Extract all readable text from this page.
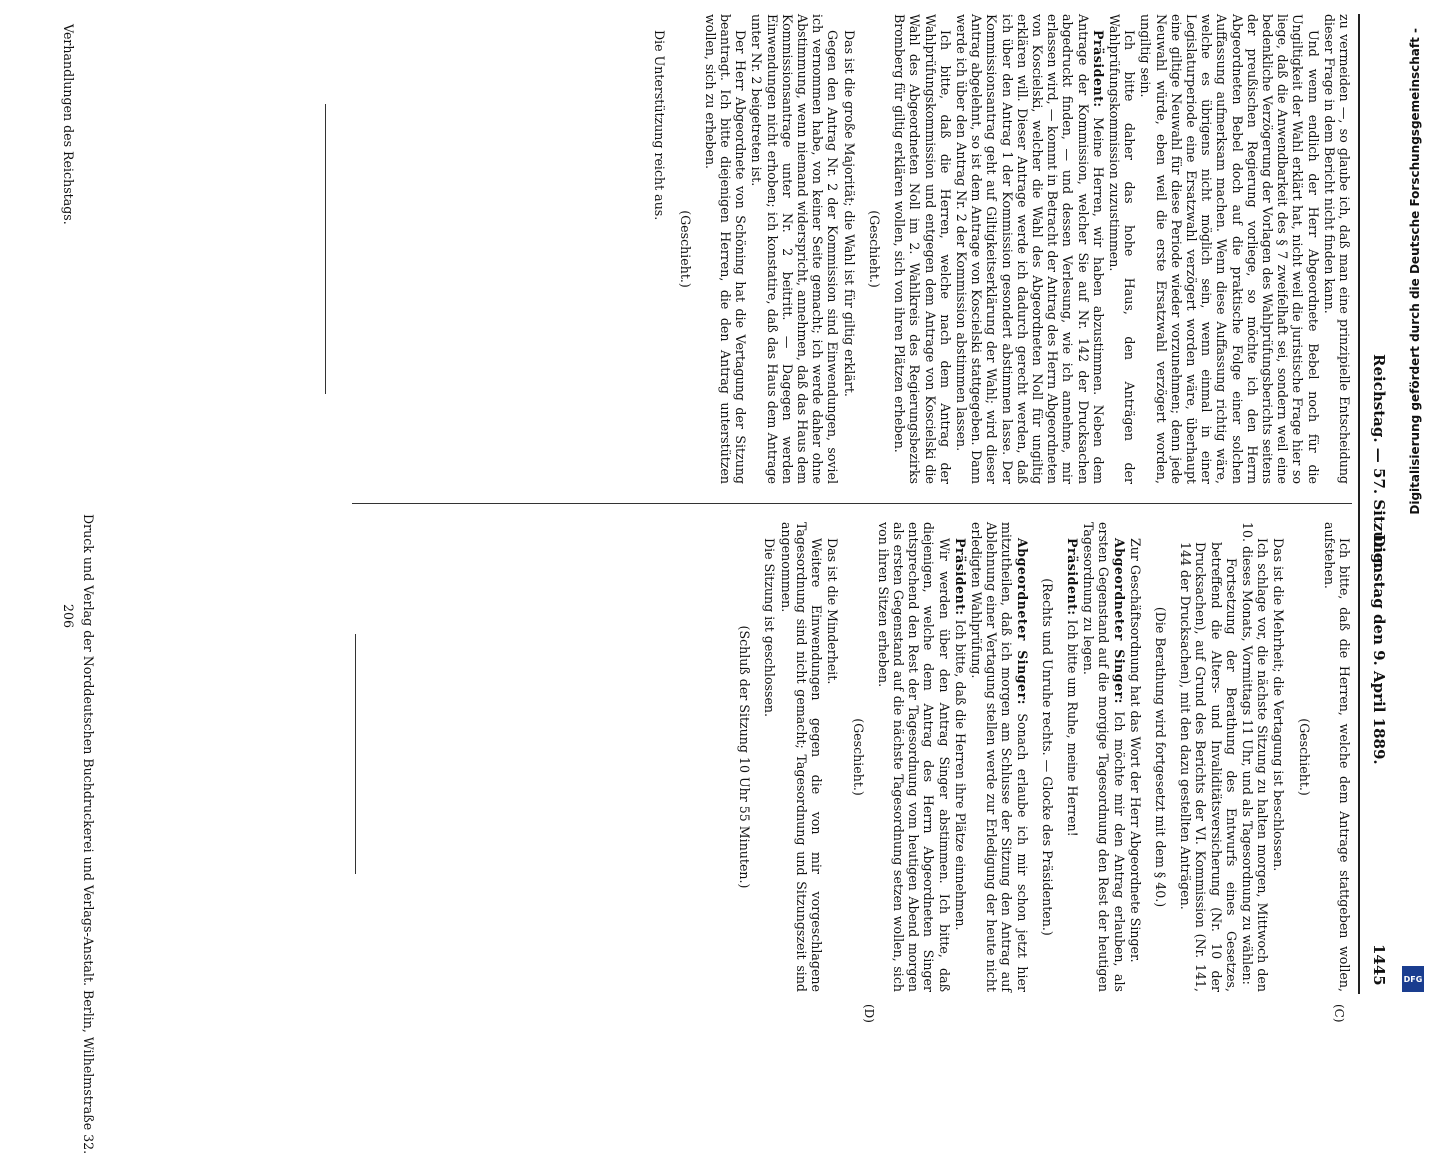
Reichstag. — 57. Sitzung.
Dienstag den 9. April 1889.
1445
(C)
(D)

zu vermeiden —, so glaube ich, daß man eine prinzipielle Entscheidung dieser Frage in dem Bericht nicht finden kann.

Und wenn endlich der Herr Abgeordnete Bebel noch für die Ungiltigkeit der Wahl erklärt hat, nicht weil die juristische Frage hier so liege, daß die Anwendbarkeit des § 7 zweifelhaft sei, sondern weil eine bedenkliche Verzögerung der Vorlagen des Wahlprüfungsberichts seitens der preußischen Regierung vorliege, so möchte ich den Herrn Abgeordneten Bebel doch auf die praktische Folge einer solchen Auffassung aufmerksam machen. Wenn diese Auffassung richtig wäre, welche es übrigens nicht möglich sein, wenn einmal in einer Legislaturperiode eine Ersatzwahl verzögert worden wäre, überhaupt eine giltige Neuwahl für diese Periode wieder vorzunehmen; denn jede Neuwahl würde, eben weil die erste Ersatzwahl verzögert worden, ungiltig sein.

Ich bitte daher das hohe Haus, den Anträgen der Wahlprüfungskommission zuzustimmen.

Präsident: Meine Herren, wir haben abzustimmen. Neben dem Antrage der Kommission, welcher Sie auf Nr. 142 der Drucksachen abgedruckt finden, — und dessen Verlesung, wie ich annehme, mir erlassen wird, — kommt in Betracht der Antrag des Herrn Abgeordneten von Koscielski, welcher die Wahl des Abgeordneten Noll für ungiltig erklären will. Dieser Antrage werde ich dadurch gerecht werden, daß ich über den Antrag 1 der Kommission gesondert abstimmen lasse. Der Kommissionsantrag geht auf Giltigkeitserklärung der Wahl; wird dieser Antrag abgelehnt, so ist dem Antrage von Koscielski stattgegeben. Dann werde ich über den Antrag Nr. 2 der Kommission abstimmen lassen.

Ich bitte, daß die Herren, welche nach dem Antrag der Wahlprüfungskommission und entgegen dem Antrage von Koscielski die Wahl des Abgeordneten Noll im 2. Wahlkreis des Regierungsbezirks Bromberg für giltig erklären wollen, sich von ihren Plätzen erheben.

(Geschieht.)

Das ist die große Majorität; die Wahl ist für giltig erklärt.

Gegen den Antrag Nr. 2 der Kommission sind Einwendungen, soviel ich vernommen habe, von keiner Seite gemacht; ich werde daher ohne Abstimmung, wenn niemand widerspricht, annehmen, daß das Haus dem Kommissionsantrage unter Nr. 2 beitritt. — Dagegen werden Einwendungen nicht erhoben; ich konstatire, daß das Haus dem Antrage unter Nr. 2 beigetreten ist.

Der Herr Abgeordnete von Schöning hat die Vertagung der Sitzung beantragt. Ich bitte diejenigen Herren, die den Antrag unterstützen wollen, sich zu erheben.

(Geschieht.)

Die Unterstützung reicht aus.

Ich bitte, daß die Herren, welche dem Antrage stattgeben wollen, aufstehen.

(Geschieht.)

Das ist die Mehrheit; die Vertagung ist beschlossen.

Ich schlage vor, die nächste Sitzung zu halten morgen, Mittwoch den 10. dieses Monats, Vormittags 11 Uhr, und als Tagesordnung zu wählen:

Fortsetzung der Berathung des Entwurfs eines Gesetzes, betreffend die Alters- und Invaliditätsversicherung (Nr. 10 der Drucksachen), auf Grund des Berichts der VI. Kommission (Nr. 141, 144 der Drucksachen), mit den dazu gestellten Anträgen.

(Die Berathung wird fortgesetzt mit dem § 40.)

Zur Geschäftsordnung hat das Wort der Herr Abgeordnete Singer.

Abgeordneter Singer: Ich möchte mir den Antrag erlauben, als ersten Gegenstand auf die morgige Tagesordnung den Rest der heutigen Tagesordnung zu legen.

Präsident: Ich bitte um Ruhe, meine Herren!

(Rechts und Unruhe rechts. — Glocke des Präsidenten.)

Abgeordneter Singer: Sonach erlaube ich mir schon jetzt hier mitzutheilen, daß ich morgen am Schlusse der Sitzung den Antrag auf Ablehnung einer Vertagung stellen werde zur Erledigung der heute nicht erledigten Wahlprüfung.

Präsident: Ich bitte, daß die Herren ihre Plätze einnehmen.

Wir werden über den Antrag Singer abstimmen. Ich bitte, daß diejenigen, welche dem Antrag des Herrn Abgeordneten Singer entsprechend den Rest der Tagesordnung vom heutigen Abend morgen als ersten Gegenstand auf die nächste Tagesordnung setzen wollen, sich von ihren Sitzen erheben.

(Geschieht.)

Das ist die Minderheit.

Weitere Einwendungen gegen die von mir vorgeschlagene Tagesordnung sind nicht gemacht; Tagesordnung und Sitzungszeit sind angenommen.

Die Sitzung ist geschlossen.

(Schluß der Sitzung 10 Uhr 55 Minuten.)

Verhandlungen des Reichstags.
Druck und Verlag der Norddeutschen Buchdruckerei und Verlags-Anstalt. Berlin, Wilhelmstraße 32.
206
Digitalisierung gefördert durch die Deutsche Forschungsgemeinschaft -
DFG
